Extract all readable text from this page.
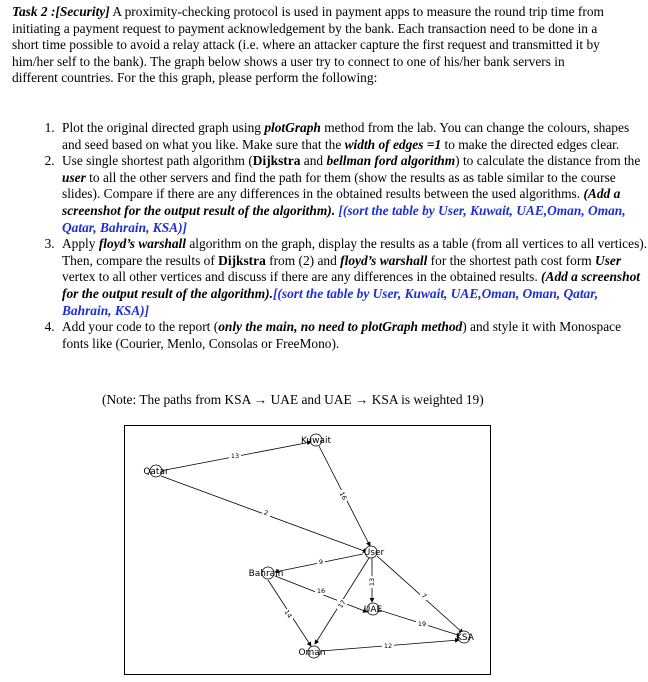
Task 2 :[Security] A proximity-checking protocol is used in payment apps to measure the round trip time from initiating a payment request to payment acknowledgement by the bank. Each transaction need to be done in a short time possible to avoid a relay attack (i.e. where an attacker capture the first request and transmitted it by him/her self to the bank). The graph below shows a user try to connect to one of his/her bank servers in different countries. For the this graph, please perform the following:
1. Plot the original directed graph using plotGraph method from the lab. You can change the colours, shapes and seed based on what you like. Make sure that the width of edges =1 to make the directed edges clear.
2. Use single shortest path algorithm (Dijkstra and bellman ford algorithm) to calculate the distance from the user to all the other servers and find the path for them (show the results as as table similar to the course slides). Compare if there are any differences in the obtained results between the used algorithms. (Add a screenshot for the output result of the algorithm). [(sort the table by User, Kuwait, UAE,Oman, Oman, Qatar, Bahrain, KSA)]
3. Apply floyd’s warshall algorithm on the graph, display the results as a table (from all vertices to all vertices). Then, compare the results of Dijkstra from (2) and floyd’s warshall for the shortest path cost form User vertex to all other vertices and discuss if there are any differences in the obtained results. (Add a screenshot for the output result of the algorithm).[(sort the table by User, Kuwait, UAE,Oman, Oman, Qatar, Bahrain, KSA)]
4. Add your code to the report (only the main, no need to plotGraph method) and style it with Monospace fonts like (Courier, Menlo, Consolas or FreeMono).
(Note: The paths from KSA → UAE and UAE → KSA is weighted 19)
Kuwait
Qatar
User
Bahrain
UAE
KSA
Oman
13
2
16
9
16
14
17
13
7
19
12
